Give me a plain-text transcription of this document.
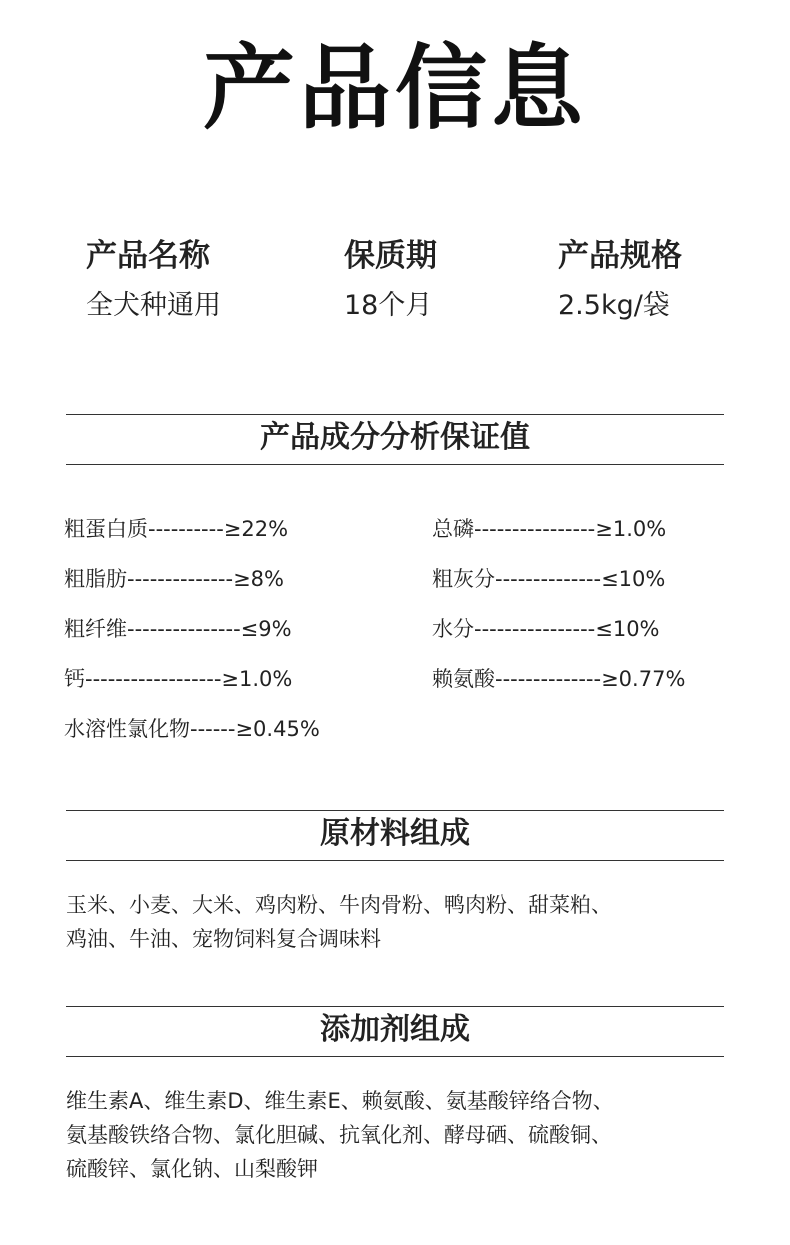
产品信息
产品名称
全犬种通用
保质期
18个月
产品规格
2.5kg/袋
产品成分分析保证值
粗蛋白质----------≥22%
粗脂肪--------------≥8%
粗纤维---------------≤9%
钙------------------≥1.0%
水溶性氯化物------≥0.45%
总磷----------------≥1.0%
粗灰分--------------≤10%
水分----------------≤10%
赖氨酸--------------≥0.77%
原材料组成
玉米、小麦、大米、鸡肉粉、牛肉骨粉、鸭肉粉、甜菜粕、
鸡油、牛油、宠物饲料复合调味料
添加剂组成
维生素A、维生素D、维生素E、赖氨酸、氨基酸锌络合物、
氨基酸铁络合物、氯化胆碱、抗氧化剂、酵母硒、硫酸铜、
硫酸锌、氯化钠、山梨酸钾
